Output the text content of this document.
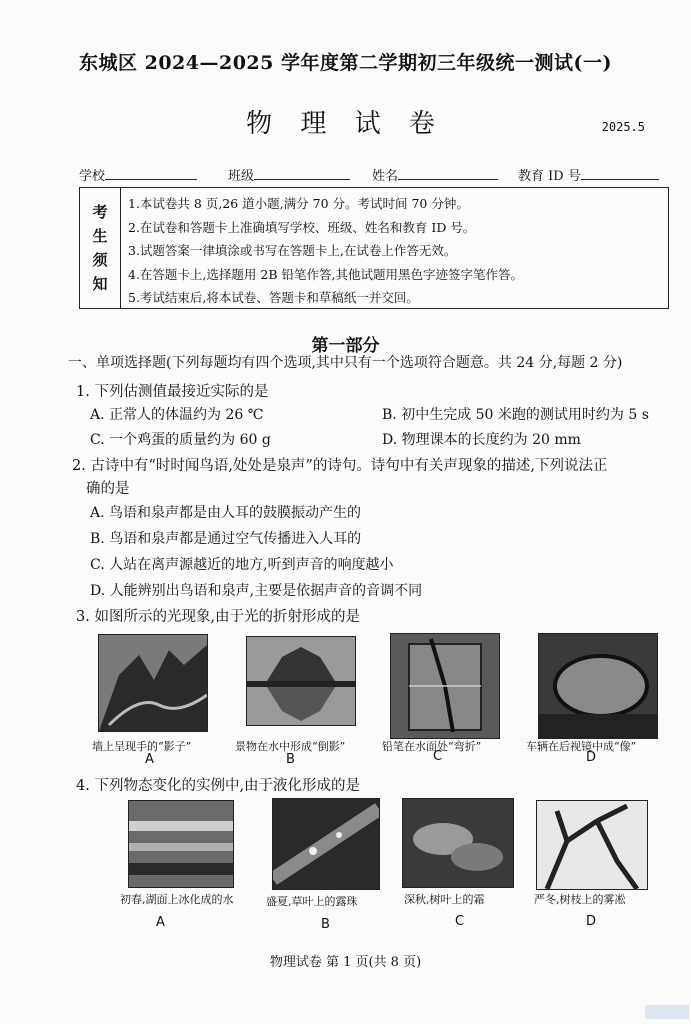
东城区 2024—2025 学年度第二学期初三年级统一测试(一)
物 理 试 卷	2025.5
学校	班级	姓名	教育 ID 号
考
生
须
知
1.本试卷共 8 页,26 道小题,满分 70 分。考试时间 70 分钟。
2.在试卷和答题卡上准确填写学校、班级、姓名和教育 ID 号。
3.试题答案一律填涂或书写在答题卡上,在试卷上作答无效。
4.在答题卡上,选择题用 2B 铅笔作答,其他试题用黑色字迹签字笔作答。
5.考试结束后,将本试卷、答题卡和草稿纸一并交回。
第一部分
一、单项选择题(下列每题均有四个选项,其中只有一个选项符合题意。共 24 分,每题 2 分)
1. 下列估测值最接近实际的是
A. 正常人的体温约为 26 ℃	B. 初中生完成 50 米跑的测试用时约为 5 s
C. 一个鸡蛋的质量约为 60 g	D. 物理课本的长度约为 20 mm
2. 古诗中有“时时闻鸟语,处处是泉声”的诗句。诗句中有关声现象的描述,下列说法正
确的是
A. 鸟语和泉声都是由人耳的鼓膜振动产生的
B. 鸟语和泉声都是通过空气传播进入人耳的
C. 人站在离声源越近的地方,听到声音的响度越小
D. 人能辨别出鸟语和泉声,主要是依据声音的音调不同
3. 如图所示的光现象,由于光的折射形成的是
墙上呈现手的“影子”	景物在水中形成“倒影”	铅笔在水面处“弯折”	车辆在后视镜中成“像”
A	B	C	D
4. 下列物态变化的实例中,由于液化形成的是
初春,湖面上冰化成的水	盛夏,草叶上的露珠	深秋,树叶上的霜	严冬,树枝上的雾凇
A	B	C	D
物理试卷 第 1 页(共 8 页)
